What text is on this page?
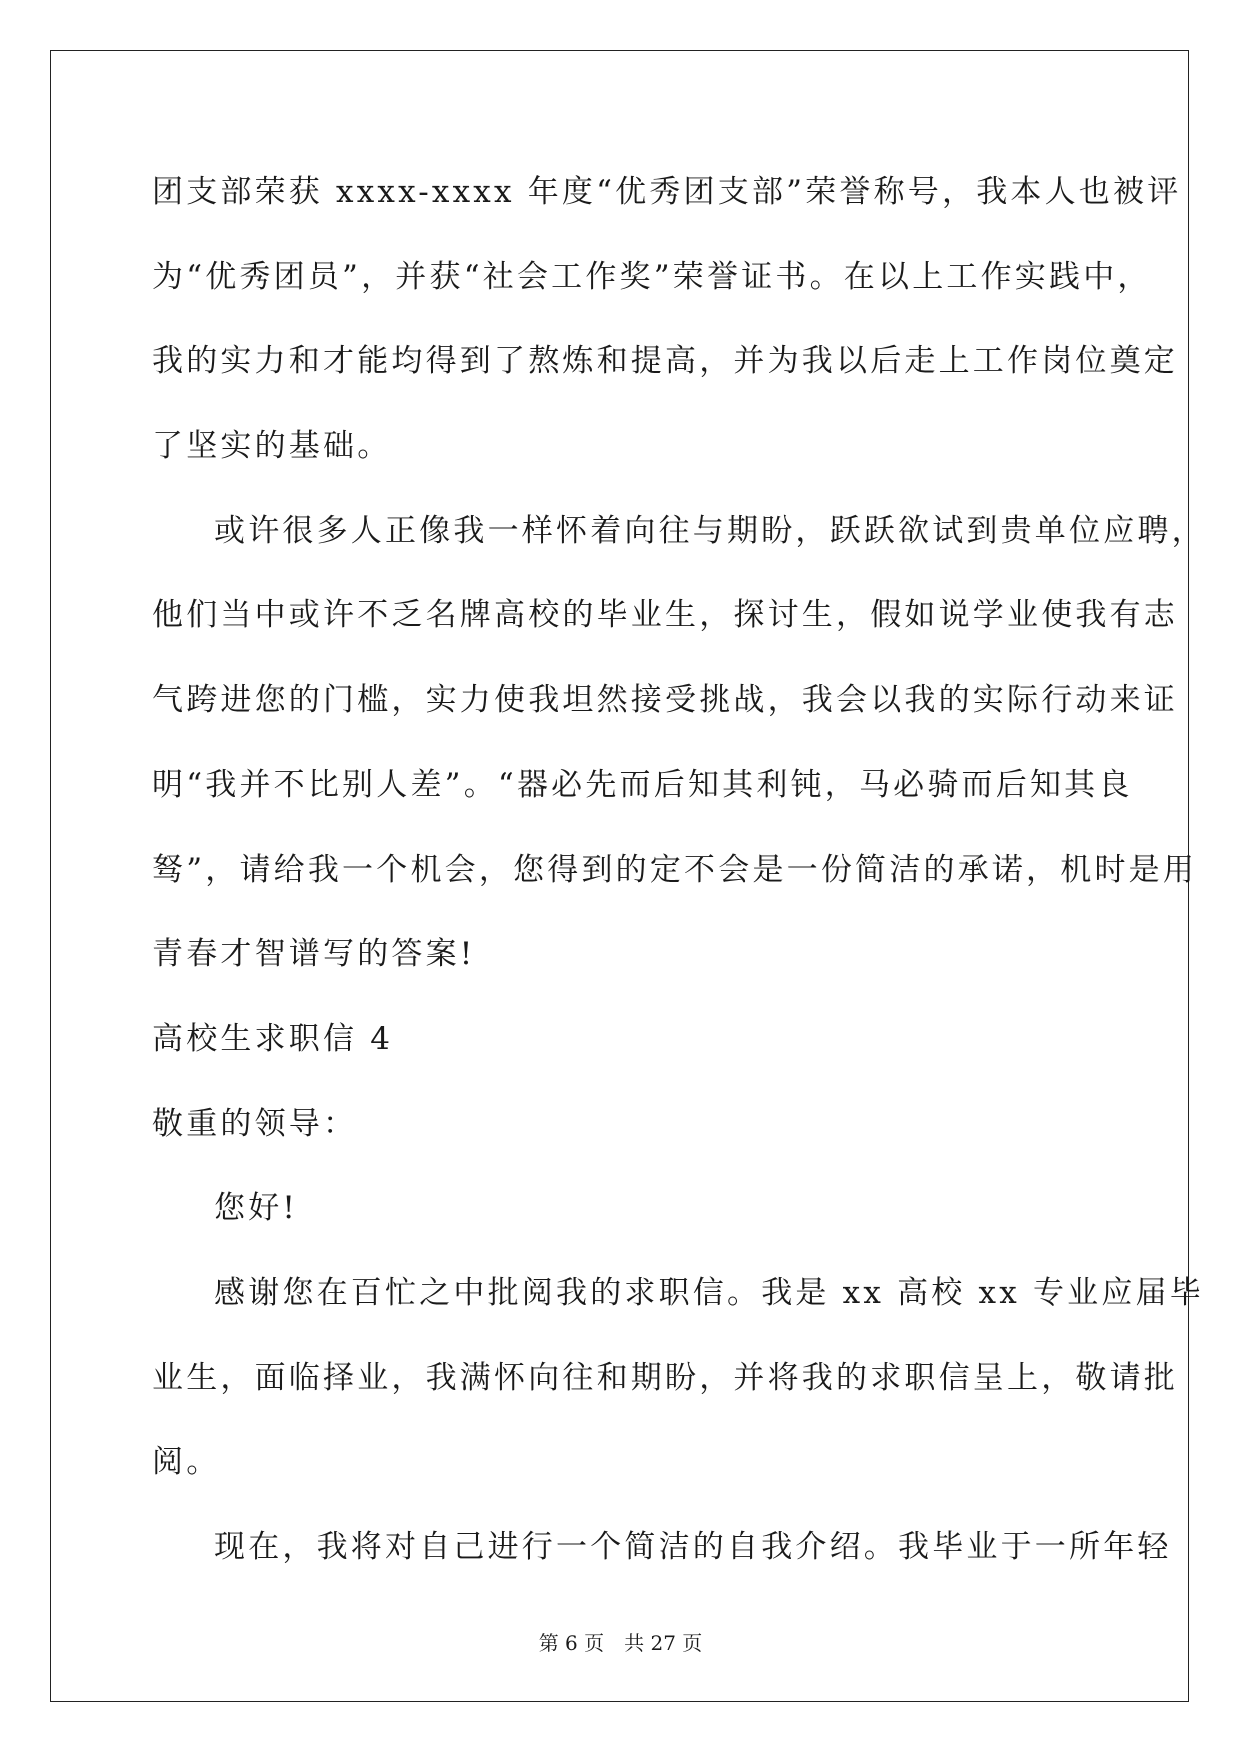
团支部荣获 xxxx-xxxx 年度“优秀团支部”荣誉称号，我本人也被评
为“优秀团员”，并获“社会工作奖”荣誉证书。在以上工作实践中，
我的实力和才能均得到了熬炼和提高，并为我以后走上工作岗位奠定
了坚实的基础。
或许很多人正像我一样怀着向往与期盼，跃跃欲试到贵单位应聘，
他们当中或许不乏名牌高校的毕业生，探讨生，假如说学业使我有志
气跨进您的门槛，实力使我坦然接受挑战，我会以我的实际行动来证
明“我并不比别人差”。“器必先而后知其利钝，马必骑而后知其良
驽”，请给我一个机会，您得到的定不会是一份简洁的承诺，机时是用
青春才智谱写的答案!
高校生求职信 4
敬重的领导：
您好!
感谢您在百忙之中批阅我的求职信。我是 xx 高校 xx 专业应届毕
业生，面临择业，我满怀向往和期盼，并将我的求职信呈上，敬请批
阅。
现在，我将对自己进行一个简洁的自我介绍。我毕业于一所年轻
第 6 页 共 27 页
